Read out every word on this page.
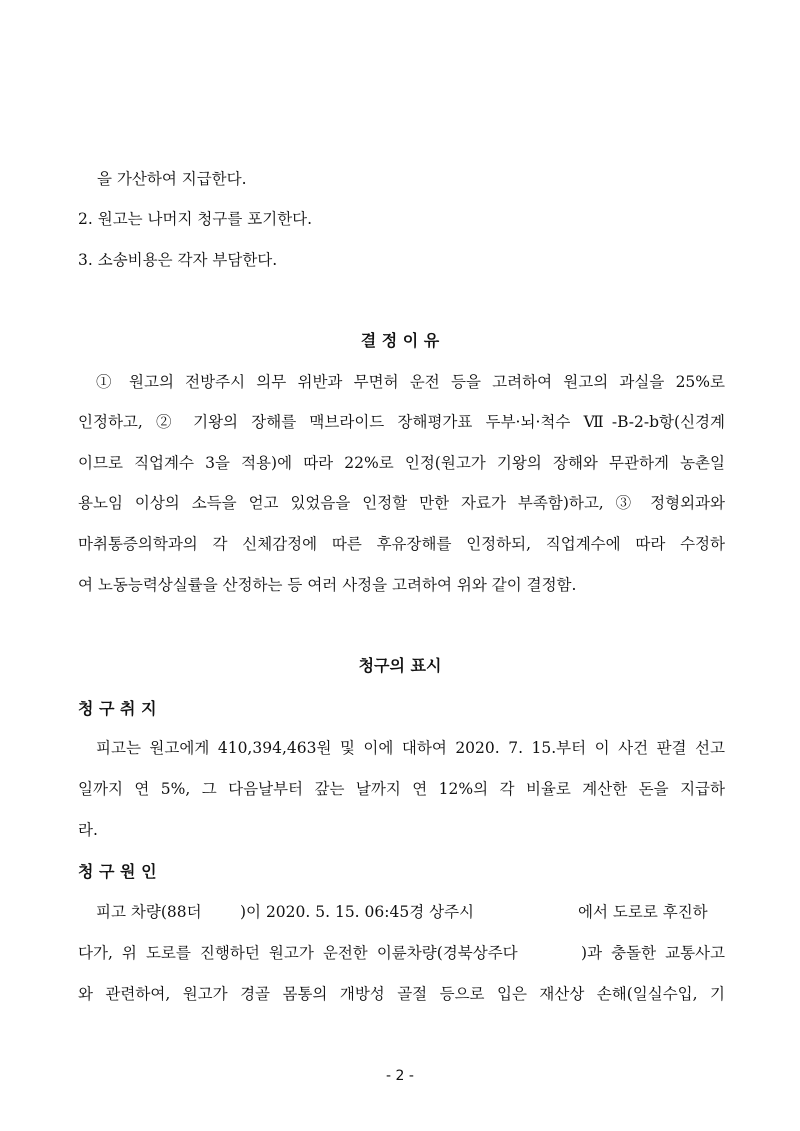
을 가산하여 지급한다.
2. 원고는 나머지 청구를 포기한다.
3. 소송비용은 각자 부담한다.
결 정 이 유
① 원고의 전방주시 의무 위반과 무면허 운전 등을 고려하여 원고의 과실을 25%로
인정하고, ② 기왕의 장해를 맥브라이드 장해평가표 두부·뇌·척수 Ⅶ-B-2-b항(신경계
이므로 직업계수 3을 적용)에 따라 22%로 인정(원고가 기왕의 장해와 무관하게 농촌일
용노임 이상의 소득을 얻고 있었음을 인정할 만한 자료가 부족함)하고, ③ 정형외과와
마취통증의학과의 각 신체감정에 따른 후유장해를 인정하되, 직업계수에 따라 수정하
여 노동능력상실률을 산정하는 등 여러 사정을 고려하여 위와 같이 결정함.
청구의 표시
청 구 취 지
피고는 원고에게 410,394,463원 및 이에 대하여 2020. 7. 15.부터 이 사건 판결 선고
일까지 연 5%, 그 다음날부터 갚는 날까지 연 12%의 각 비율로 계산한 돈을 지급하
라.
청 구 원 인
피고 차량(88더 )이 2020. 5. 15. 06:45경 상주시	에서 도로로 후진하
다가, 위 도로를 진행하던 원고가 운전한 이륜차량(경북상주다       )과 충돌한 교통사고
와 관련하여, 원고가 경골 몸통의 개방성 골절 등으로 입은 재산상 손해(일실수입, 기
- 2 -
